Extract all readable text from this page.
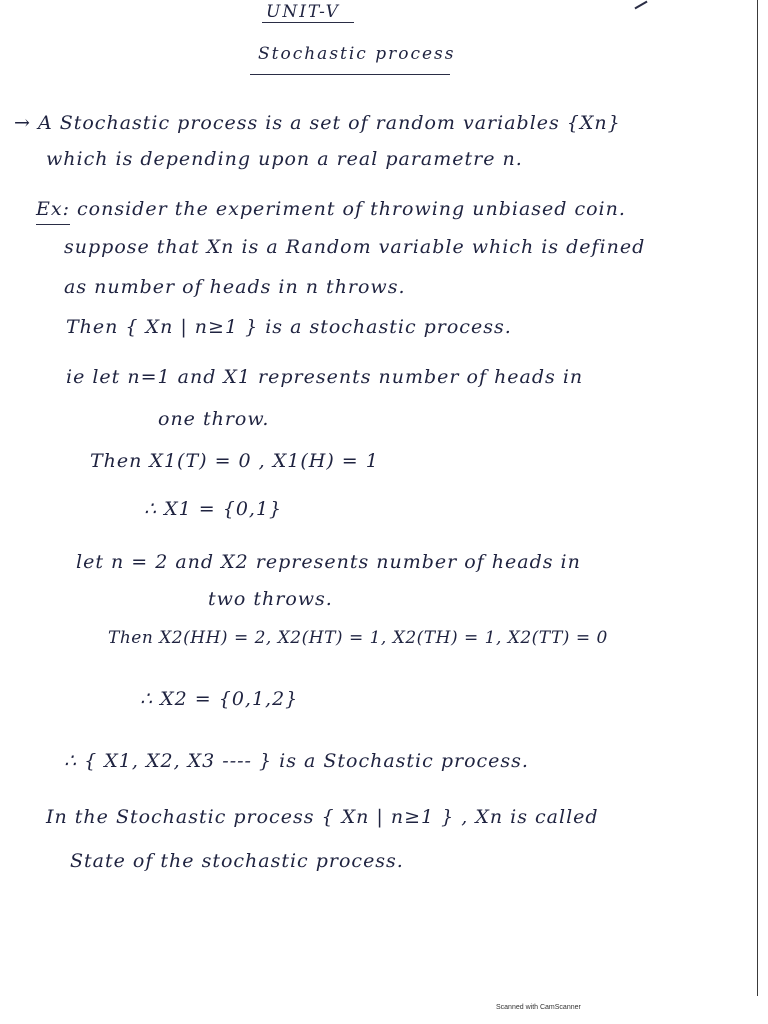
UNIT-V
Stochastic process
→ A Stochastic process is a set of random variables {Xn}
which is depending upon a real parametre n.
Ex: consider the experiment of throwing unbiased coin.
suppose that Xn is a Random variable which is defined
as number of heads in n throws.
Then { Xn | n≥1 } is a stochastic process.
ie let n=1 and X1 represents number of heads in
one throw.
Then X1(T) = 0 , X1(H) = 1
∴ X1 = {0,1}
let n = 2 and X2 represents number of heads in
two throws.
Then X2(HH) = 2, X2(HT) = 1, X2(TH) = 1, X2(TT) = 0
∴ X2 = {0,1,2}
∴ { X1, X2, X3 ---- } is a Stochastic process.
In the Stochastic process { Xn | n≥1 } , Xn is called
State of the stochastic process.
Scanned with CamScanner
